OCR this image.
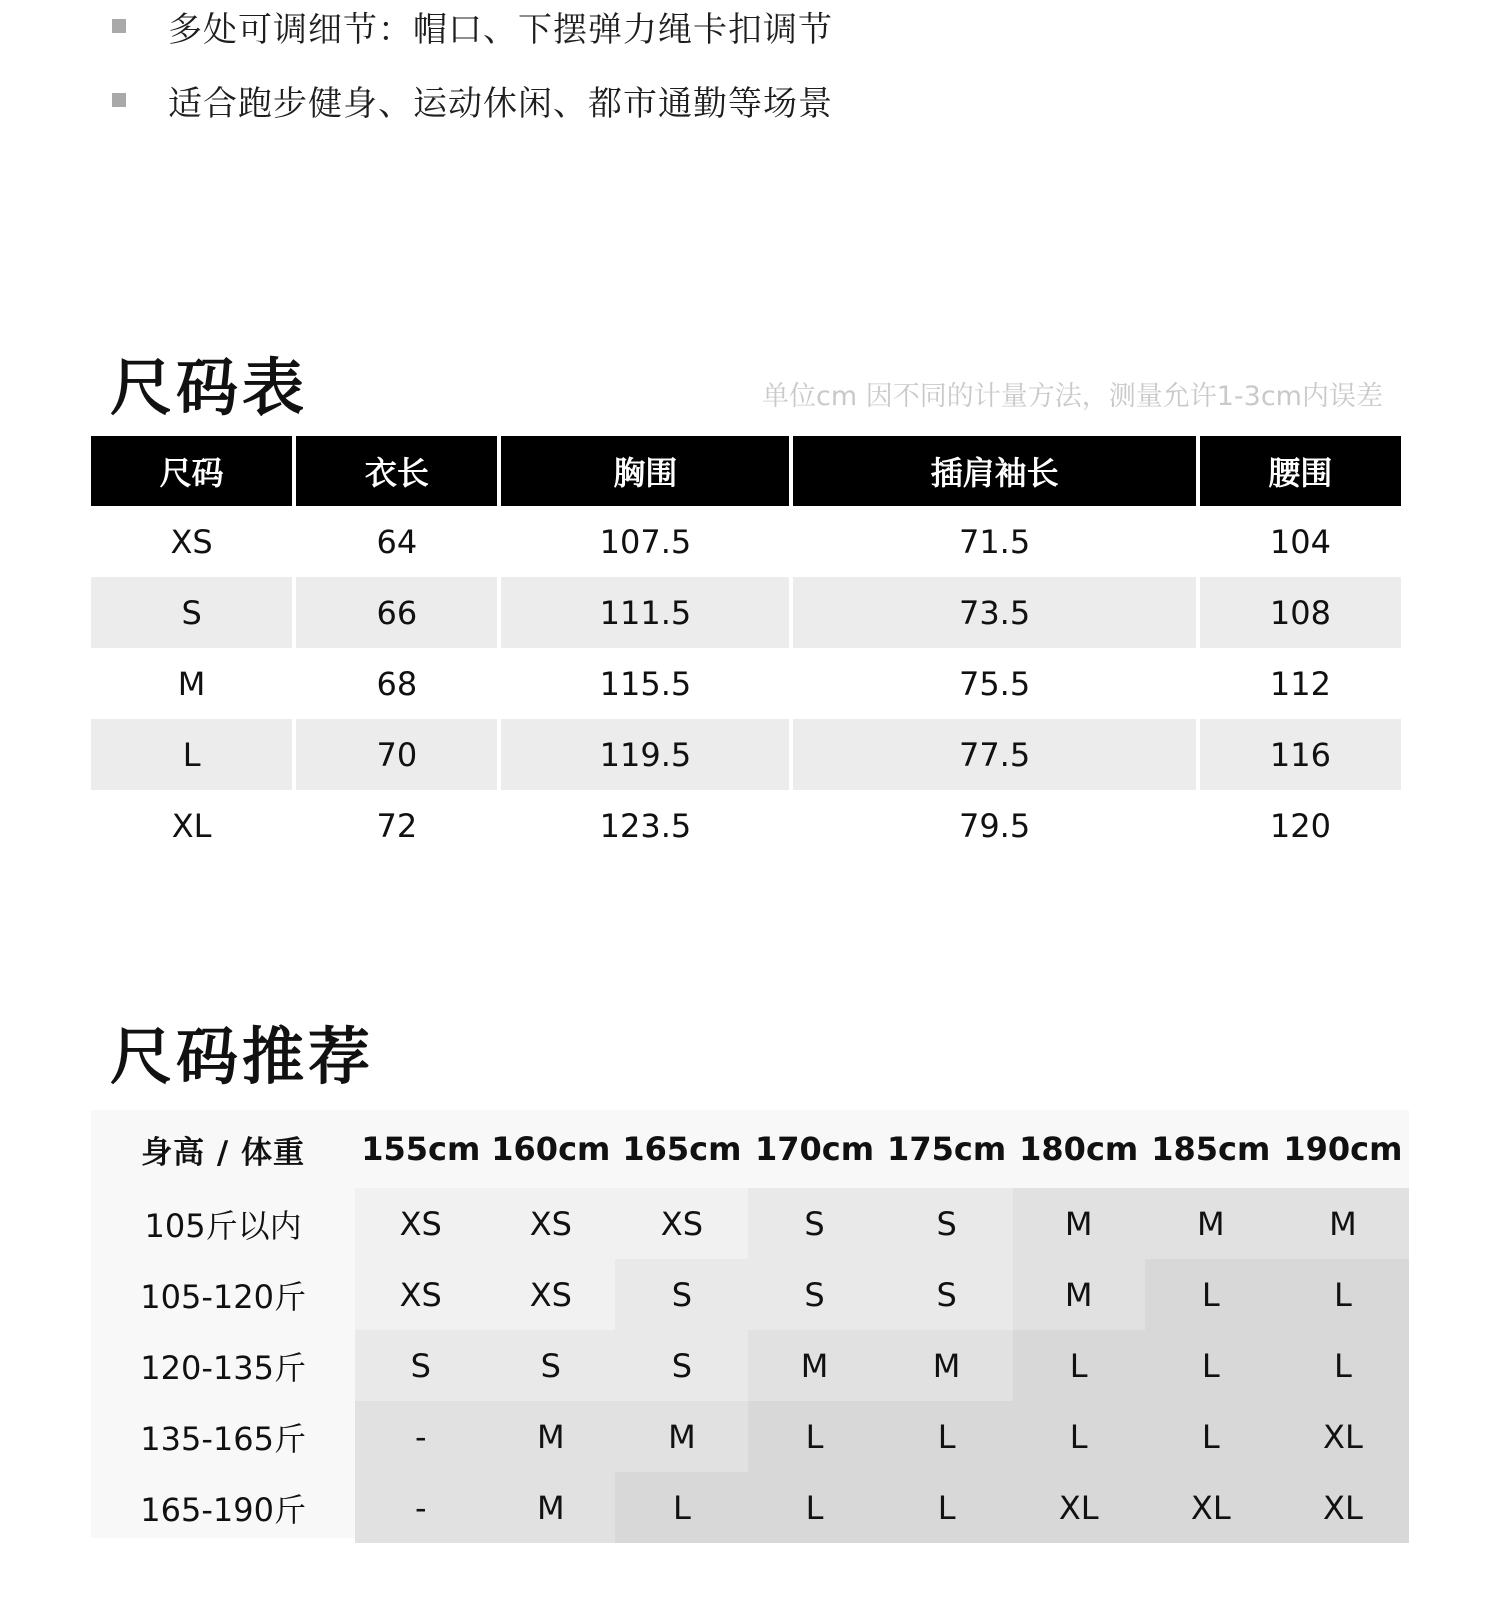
多处可调细节：帽口、下摆弹力绳卡扣调节
适合跑步健身、运动休闲、都市通勤等场景
尺码表	单位cm 因不同的计量方法，测量允许1-3cm内误差
尺码	衣长	胸围	插肩袖长	腰围
XS	64	107.5	71.5	104
S	66	111.5	73.5	108
M	68	115.5	75.5	112
L	70	119.5	77.5	116
XL	72	123.5	79.5	120
尺码推荐
身高 / 体重	155cm	160cm	165cm	170cm	175cm	180cm	185cm	190cm
105斤以内	XS	XS	XS	S	S	M	M	M
105-120斤	XS	XS	S	S	S	M	L	L
120-135斤	S	S	S	M	M	L	L	L
135-165斤	-	M	M	L	L	L	L	XL
165-190斤	-	M	L	L	L	XL	XL	XL
